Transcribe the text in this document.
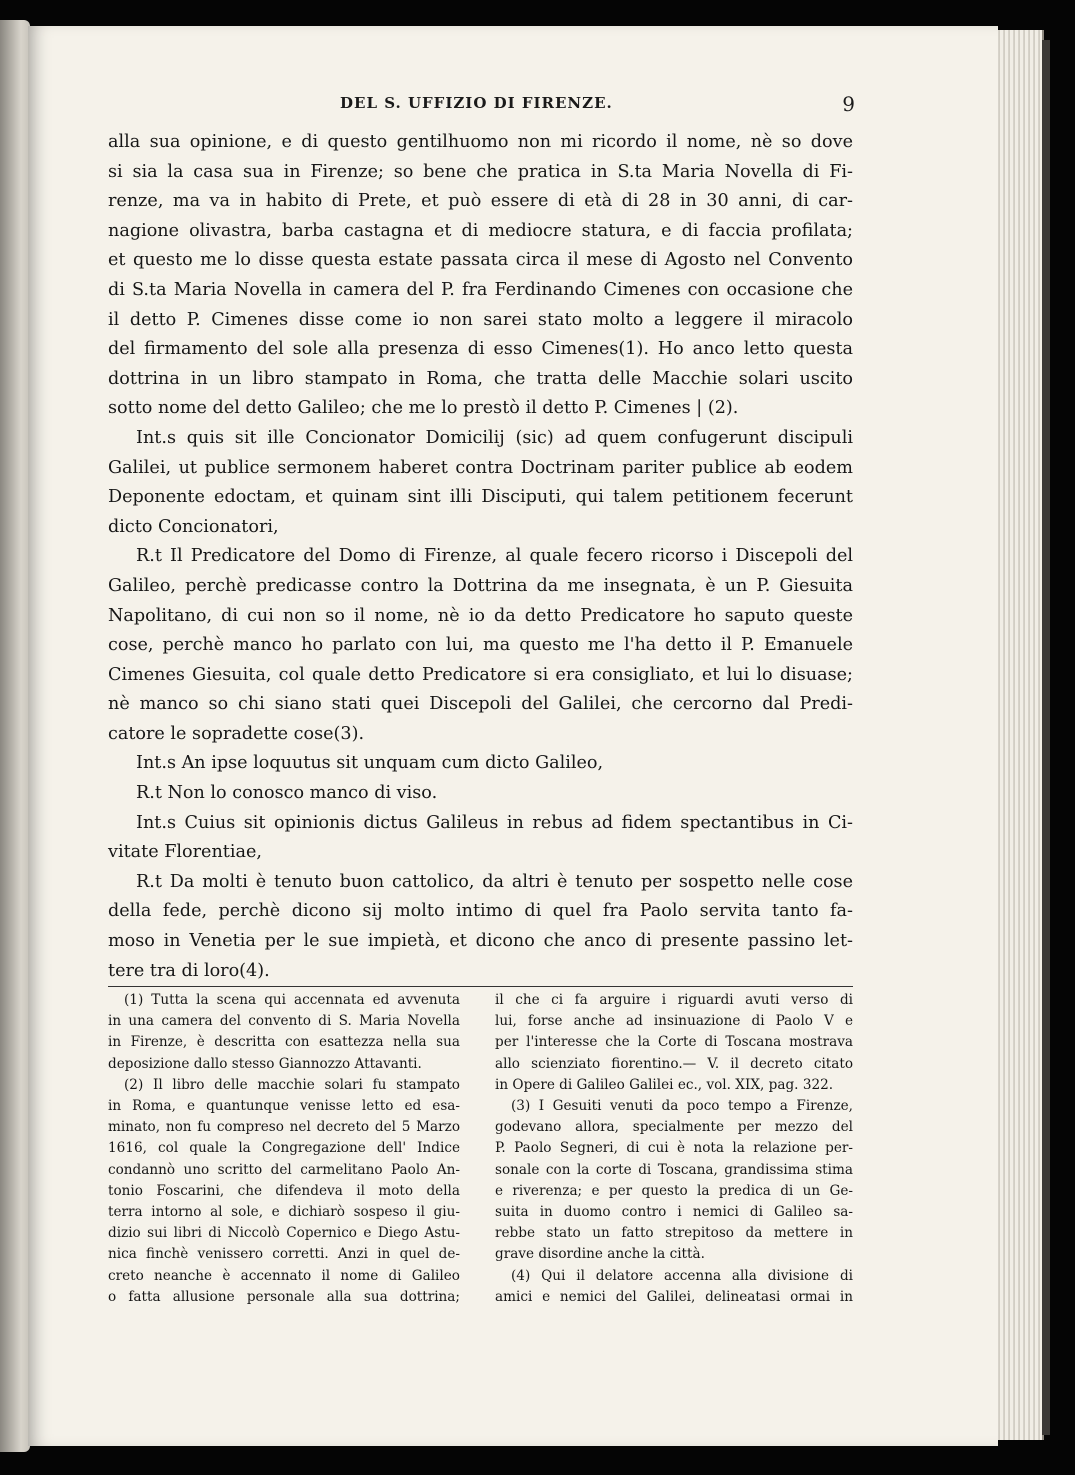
DEL S. UFFIZIO DI FIRENZE.	9
alla sua opinione, e di questo gentilhuomo non mi ricordo il nome, nè so dove
si sia la casa sua in Firenze; so bene che pratica in S.ta Maria Novella di Fi-
renze, ma va in habito di Prete, et può essere di età di 28 in 30 anni, di car-
nagione olivastra, barba castagna et di mediocre statura, e di faccia profilata;
et questo me lo disse questa estate passata circa il mese di Agosto nel Convento
di S.ta Maria Novella in camera del P. fra Ferdinando Cimenes con occasione che
il detto P. Cimenes disse come io non sarei stato molto a leggere il miracolo
del firmamento del sole alla presenza di esso Cimenes(1). Ho anco letto questa
dottrina in un libro stampato in Roma, che tratta delle Macchie solari uscito
sotto nome del detto Galileo; che me lo prestò il detto P. Cimenes | (2).
Int.s quis sit ille Concionator Domicilij (sic) ad quem confugerunt discipuli
Galilei, ut publice sermonem haberet contra Doctrinam pariter publice ab eodem
Deponente edoctam, et quinam sint illi Disciputi, qui talem petitionem fecerunt
dicto Concionatori,
R.t Il Predicatore del Domo di Firenze, al quale fecero ricorso i Discepoli del
Galileo, perchè predicasse contro la Dottrina da me insegnata, è un P. Giesuita
Napolitano, di cui non so il nome, nè io da detto Predicatore ho saputo queste
cose, perchè manco ho parlato con lui, ma questo me l'ha detto il P. Emanuele
Cimenes Giesuita, col quale detto Predicatore si era consigliato, et lui lo disuase;
nè manco so chi siano stati quei Discepoli del Galilei, che cercorno dal Predi-
catore le sopradette cose(3).
Int.s An ipse loquutus sit unquam cum dicto Galileo,
R.t Non lo conosco manco di viso.
Int.s Cuius sit opinionis dictus Galileus in rebus ad fidem spectantibus in Ci-
vitate Florentiae,
R.t Da molti è tenuto buon cattolico, da altri è tenuto per sospetto nelle cose
della fede, perchè dicono sij molto intimo di quel fra Paolo servita tanto fa-
moso in Venetia per le sue impietà, et dicono che anco di presente passino let-
tere tra di loro(4).
(1) Tutta la scena qui accennata ed avvenuta
in una camera del convento di S. Maria Novella
in Firenze, è descritta con esattezza nella sua
deposizione dallo stesso Giannozzo Attavanti.
(2) Il libro delle macchie solari fu stampato
in Roma, e quantunque venisse letto ed esa-
minato, non fu compreso nel decreto del 5 Marzo
1616, col quale la Congregazione dell' Indice
condannò uno scritto del carmelitano Paolo An-
tonio Foscarini, che difendeva il moto della
terra intorno al sole, e dichiarò sospeso il giu-
dizio sui libri di Niccolò Copernico e Diego Astu-
nica finchè venissero corretti. Anzi in quel de-
creto neanche è accennato il nome di Galileo
o fatta allusione personale alla sua dottrina;
il che ci fa arguire i riguardi avuti verso di
lui, forse anche ad insinuazione di Paolo V e
per l'interesse che la Corte di Toscana mostrava
allo scienziato fiorentino.— V. il decreto citato
in Opere di Galileo Galilei ec., vol. XIX, pag. 322.
(3) I Gesuiti venuti da poco tempo a Firenze,
godevano allora, specialmente per mezzo del
P. Paolo Segneri, di cui è nota la relazione per-
sonale con la corte di Toscana, grandissima stima
e riverenza; e per questo la predica di un Ge-
suita in duomo contro i nemici di Galileo sa-
rebbe stato un fatto strepitoso da mettere in
grave disordine anche la città.
(4) Qui il delatore accenna alla divisione di
amici e nemici del Galilei, delineatasi ormai in
